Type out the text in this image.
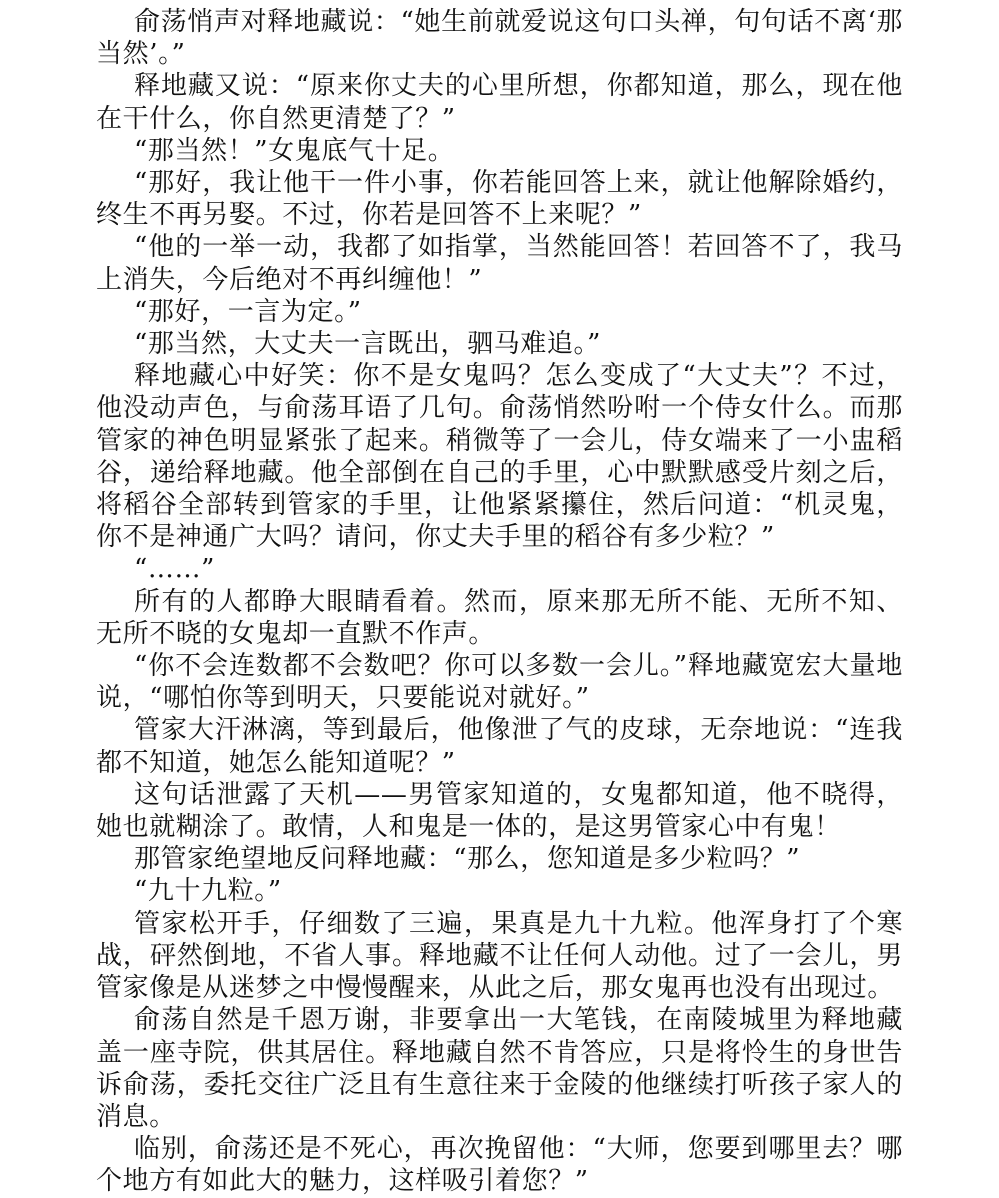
俞荡悄声对释地藏说：“她生前就爱说这句口头禅，句句话不离‘那当然’。”

释地藏又说：“原来你丈夫的心里所想，你都知道，那么，现在他在干什么，你自然更清楚了？”

“那当然！”女鬼底气十足。

“那好，我让他干一件小事，你若能回答上来，就让他解除婚约，终生不再另娶。不过，你若是回答不上来呢？”

“他的一举一动，我都了如指掌，当然能回答！若回答不了，我马上消失，今后绝对不再纠缠他！”

“那好，一言为定。”

“那当然，大丈夫一言既出，驷马难追。”

释地藏心中好笑：你不是女鬼吗？怎么变成了“大丈夫”？不过，他没动声色，与俞荡耳语了几句。俞荡悄然吩咐一个侍女什么。而那管家的神色明显紧张了起来。稍微等了一会儿，侍女端来了一小盅稻谷，递给释地藏。他全部倒在自己的手里，心中默默感受片刻之后，将稻谷全部转到管家的手里，让他紧紧攥住，然后问道：“机灵鬼，你不是神通广大吗？请问，你丈夫手里的稻谷有多少粒？”

“……”

所有的人都睁大眼睛看着。然而，原来那无所不能、无所不知、无所不晓的女鬼却一直默不作声。

“你不会连数都不会数吧？你可以多数一会儿。”释地藏宽宏大量地说，“哪怕你等到明天，只要能说对就好。”

管家大汗淋漓，等到最后，他像泄了气的皮球，无奈地说：“连我都不知道，她怎么能知道呢？”

这句话泄露了天机——男管家知道的，女鬼都知道，他不晓得，她也就糊涂了。敢情，人和鬼是一体的，是这男管家心中有鬼！

那管家绝望地反问释地藏：“那么，您知道是多少粒吗？”

“九十九粒。”

管家松开手，仔细数了三遍，果真是九十九粒。他浑身打了个寒战，砰然倒地，不省人事。释地藏不让任何人动他。过了一会儿，男管家像是从迷梦之中慢慢醒来，从此之后，那女鬼再也没有出现过。

俞荡自然是千恩万谢，非要拿出一大笔钱，在南陵城里为释地藏盖一座寺院，供其居住。释地藏自然不肯答应，只是将怜生的身世告诉俞荡，委托交往广泛且有生意往来于金陵的他继续打听孩子家人的消息。

临别，俞荡还是不死心，再次挽留他：“大师，您要到哪里去？哪个地方有如此大的魅力，这样吸引着您？”
